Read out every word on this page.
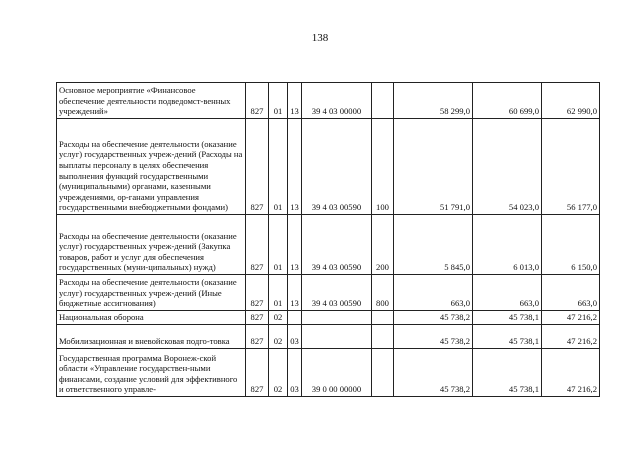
138
Основное мероприятие «Финансовое обеспечение деятельности подведомст-венных учреждений»	827	01	13	39 4 03 00000		58 299,0	60 699,0	62 990,0
Расходы на обеспечение деятельности (оказание услуг) государственных учреж-дений (Расходы на выплаты персоналу в целях обеспечения выполнения функций государственными (муниципальными) органами, казенными учреждениями, ор-ганами управления государственными внебюджетными фондами)	827	01	13	39 4 03 00590	100	51 791,0	54 023,0	56 177,0
Расходы на обеспечение деятельности (оказание услуг) государственных учреж-дений (Закупка товаров, работ и услуг для обеспечения государственных (муни-ципальных) нужд)	827	01	13	39 4 03 00590	200	5 845,0	6 013,0	6 150,0
Расходы на обеспечение деятельности (оказание услуг) государственных учреж-дений (Иные бюджетные ассигнования)	827	01	13	39 4 03 00590	800	663,0	663,0	663,0
Национальная оборона	827	02				45 738,2	45 738,1	47 216,2
Мобилизационная и вневойсковая подго-товка	827	02	03			45 738,2	45 738,1	47 216,2
Государственная программа Воронеж-ской области «Управление государствен-ными финансами, создание условий для эффективного и ответственного управле-	827	02	03	39 0 00 00000		45 738,2	45 738,1	47 216,2
